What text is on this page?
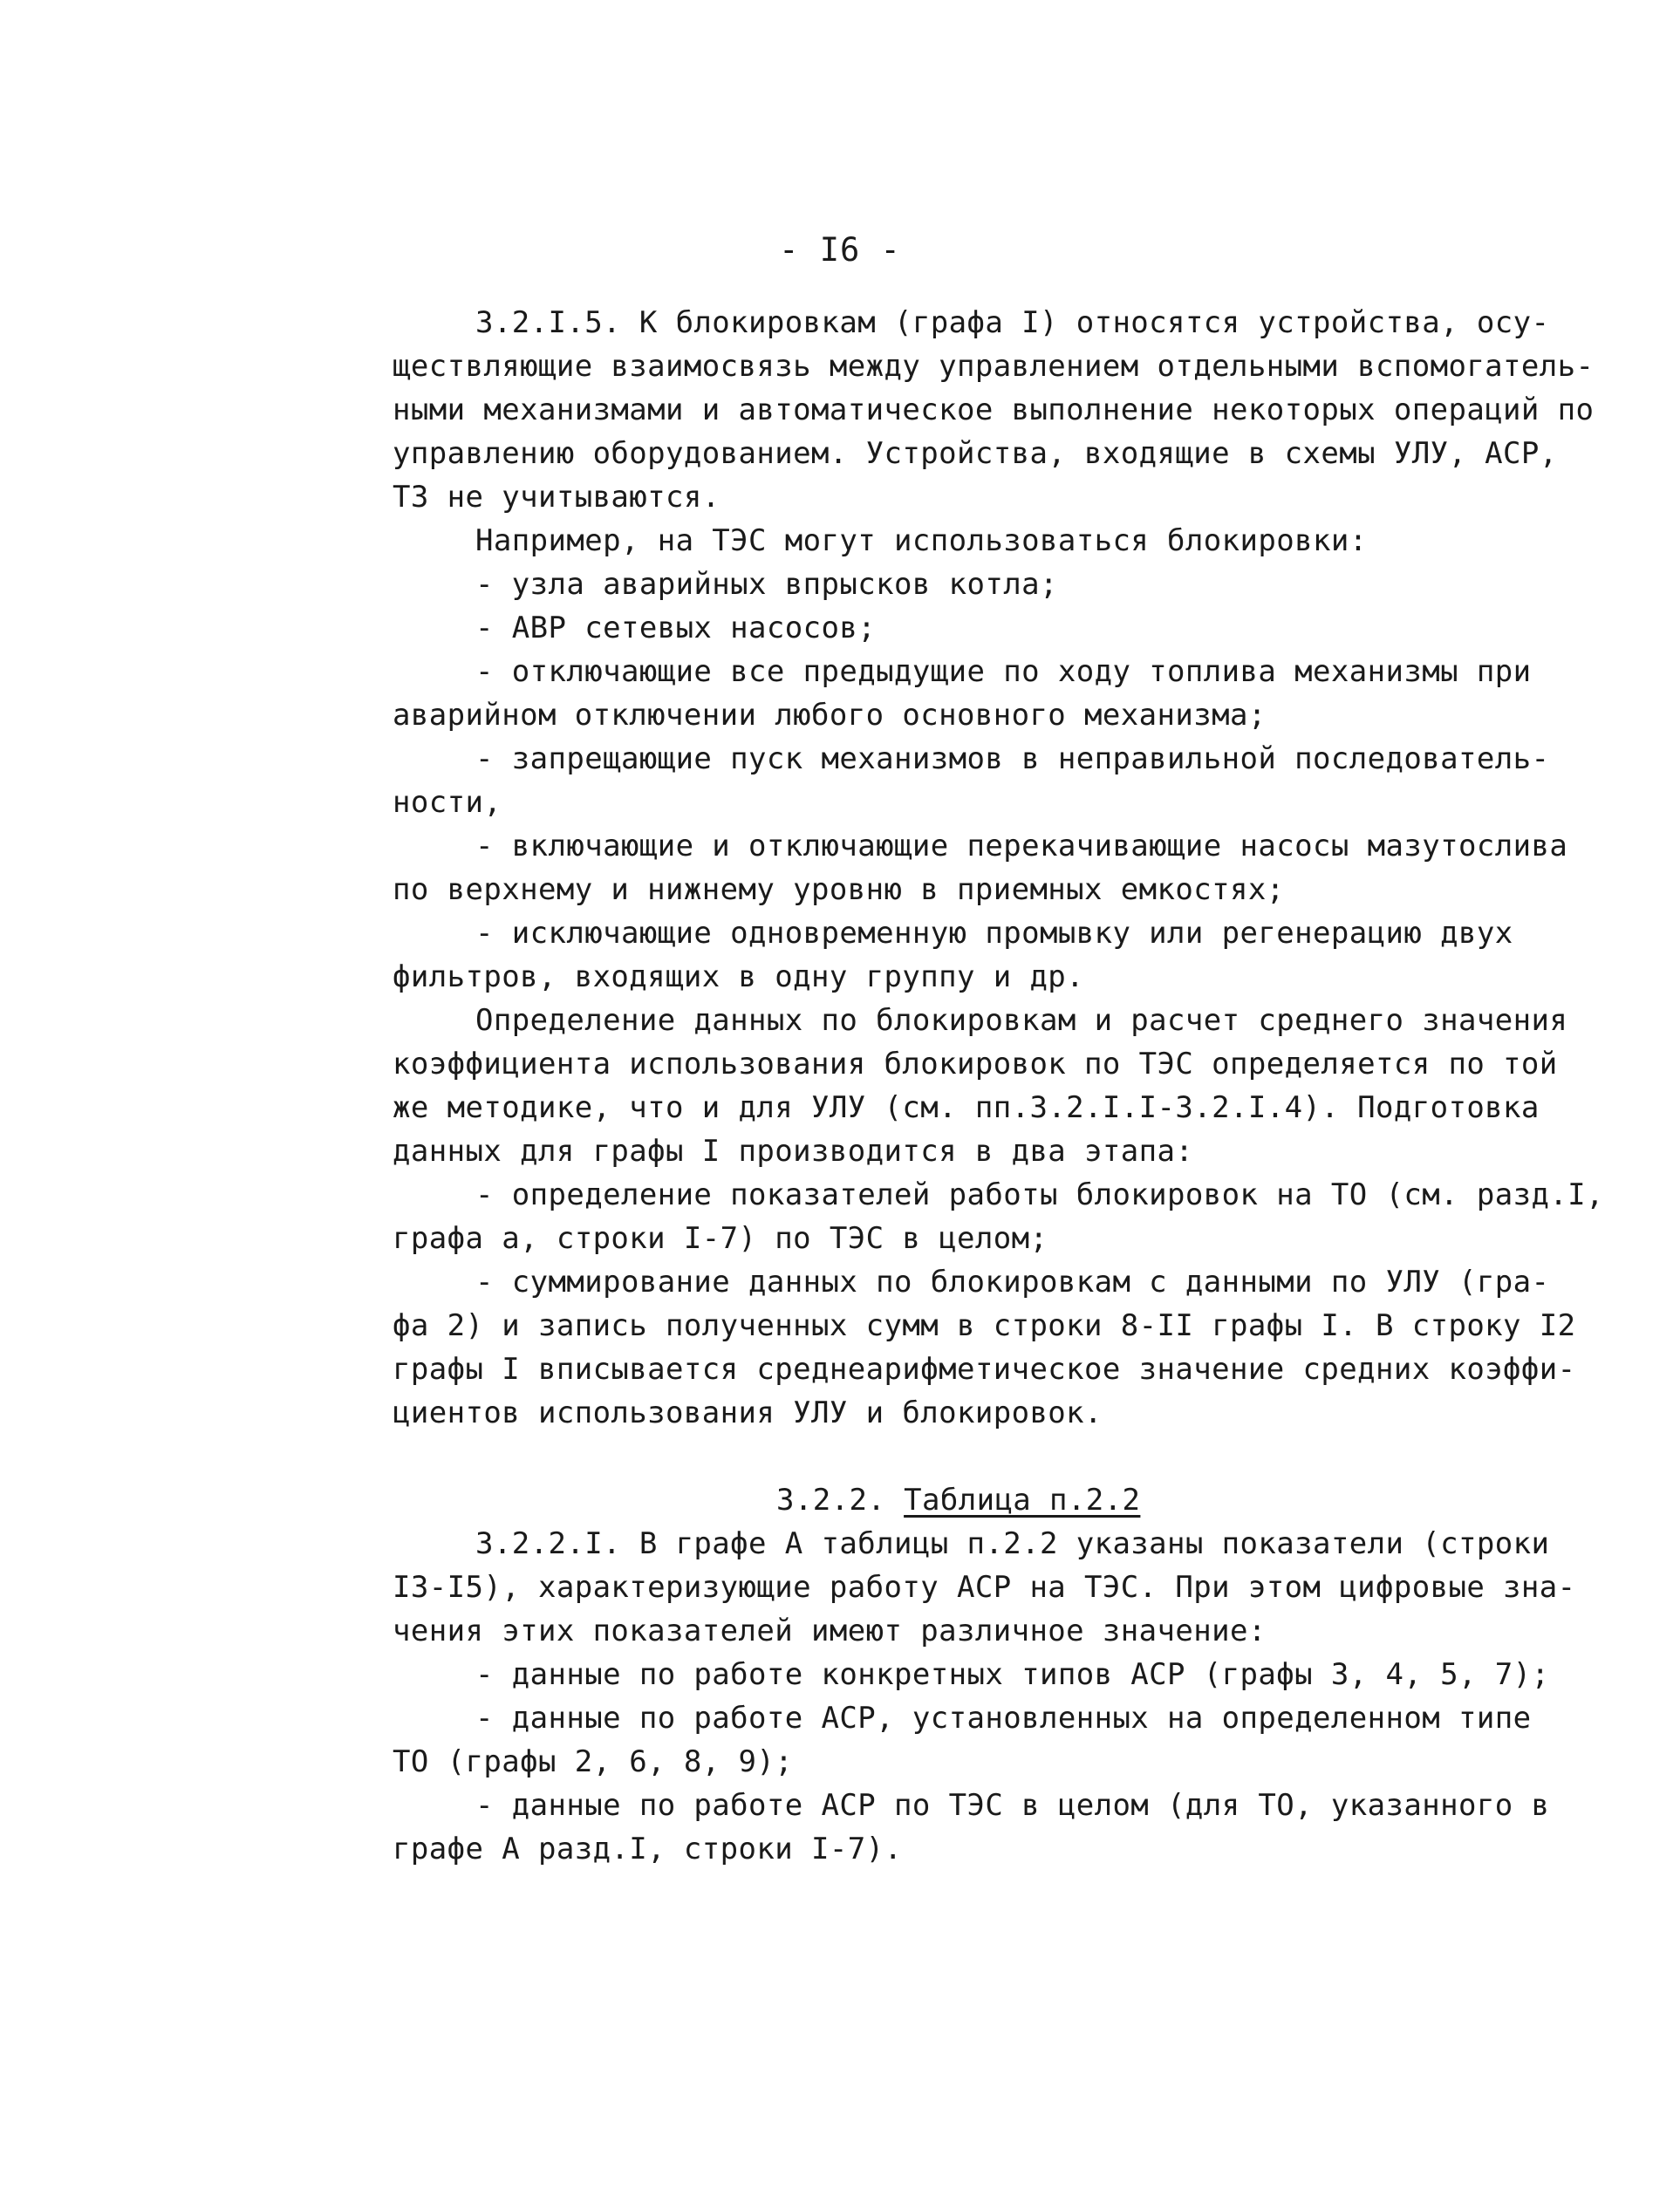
- I6 -
3.2.I.5. К блокировкам (графа I) относятся устройства, осу-
ществляющие взаимосвязь между управлением отдельными вспомогатель-
ными механизмами и автоматическое выполнение некоторых операций по
управлению оборудованием. Устройства, входящие в схемы УЛУ, АСР,
ТЗ не учитываются.
Например, на ТЭС могут использоваться блокировки:
- узла аварийных впрысков котла;
- АВР сетевых насосов;
- отключающие все предыдущие по ходу топлива механизмы при
аварийном отключении любого основного механизма;
- запрещающие пуск механизмов в неправильной последователь-
ности,
- включающие и отключающие перекачивающие насосы мазутослива
по верхнему и нижнему уровню в приемных емкостях;
- исключающие одновременную промывку или регенерацию двух
фильтров, входящих в одну группу и др.
Определение данных по блокировкам и расчет среднего значения
коэффициента использования блокировок по ТЭС определяется по той
же методике, что и для УЛУ (см. пп.3.2.I.I-3.2.I.4). Подготовка
данных для графы I производится в два этапа:
- определение показателей работы блокировок на ТО (см. разд.I,
графа а, строки I-7) по ТЭС в целом;
- суммирование данных по блокировкам с данными по УЛУ (гра-
фа 2) и запись полученных сумм в строки 8-II графы I. В строку I2
графы I вписывается среднеарифметическое значение средних коэффи-
циентов использования УЛУ и блокировок.
3.2.2. Таблица п.2.2
3.2.2.I. В графе А таблицы п.2.2 указаны показатели (строки
I3-I5), характеризующие работу АСР на ТЭС. При этом цифровые зна-
чения этих показателей имеют различное значение:
- данные по работе конкретных типов АСР (графы 3, 4, 5, 7);
- данные по работе АСР, установленных на определенном типе
ТО (графы 2, 6, 8, 9);
- данные по работе АСР по ТЭС в целом (для ТО, указанного в
графе А разд.I, строки I-7).
